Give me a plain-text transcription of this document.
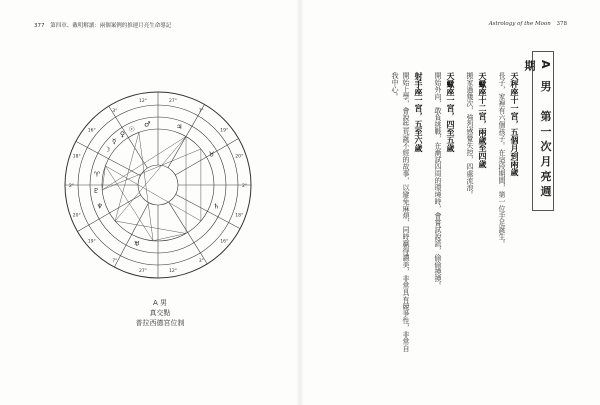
377 第四章、戴明解讀：兩個案例的推運月亮生命導記	Astrology of the Moon 378
☽
☿
♀
☉
♂	♃
♄
♅
♆
♇
♈
♉
27°
7°
19°
20°
2°
18°
16°
3°
12°
27°
7°
19°
20°
2°
18°
16°
3°
12°
A 男
真交點
普拉西德宮位制
A 男　第一次月亮週期
天秤座十一宮，五個月到兩歲
長子，家裡有六個孩子。在這段期間，第一位手足誕生。
天蠍座十二宮，兩歲至四歲
搬家過幾次，強烈感覺失控，四處流浪。
天蠍座一宮，四至五歲
開始外向，敢負挑戰，在漸試四周的環境時，會嘗試說謊，偷偷摸摸。
射手座一宮，五至六歲
開始上學，會說些荒誕不經的故事，以避免麻煩，同時贏得讚美，非常具有競爭性，非常自
我中心。
